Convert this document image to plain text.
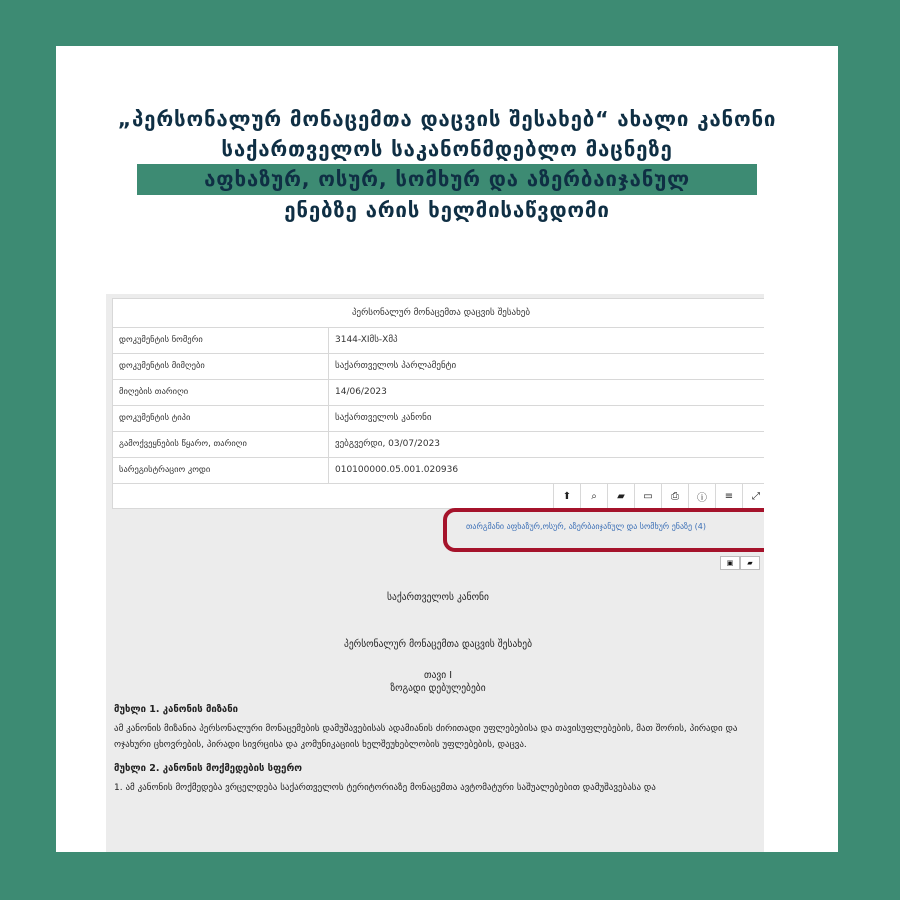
„პერსონალურ მონაცემთა დაცვის შესახებ“ ახალი კანონი
საქართველოს საკანონმდებლო მაცნეზე
აფხაზურ, ოსურ, სომხურ და აზერბაიჯანულ
ენებზე არის ხელმისაწვდომი
პერსონალურ მონაცემთა დაცვის შესახებ
დოკუმენტის ნომერი	3144-XIმს-Xმპ
დოკუმენტის მიმღები	საქართველოს პარლამენტი
მიღების თარიღი	14/06/2023
დოკუმენტის ტიპი	საქართველოს კანონი
გამოქვეყნების წყარო, თარიღი	ვებგვერდი, 03/07/2023
სარეგისტრაციო კოდი	010100000.05.001.020936
⬆	⌕	▰	▭	⎙	ⓘ	≡	⤢
თარგმანი აფხაზურ,ოსურ, აზერბაიჯანულ და სომხურ ენაზე (4)
▣	▰
საქართველოს კანონი
პერსონალურ მონაცემთა დაცვის შესახებ
თავი I
ზოგადი დებულებები
მუხლი 1. კანონის მიზანი
ამ კანონის მიზანია პერსონალური მონაცემების დამუშავებისას ადამიანის ძირითადი უფლებებისა და თავისუფლებების, მათ შორის, პირადი და ოჯახური ცხოვრების, პირადი სივრცისა და კომუნიკაციის ხელშეუხებლობის უფლებების, დაცვა.
მუხლი 2. კანონის მოქმედების სფერო
1. ამ კანონის მოქმედება ვრცელდება საქართველოს ტერიტორიაზე მონაცემთა ავტომატური საშუალებებით დამუშავებასა და
